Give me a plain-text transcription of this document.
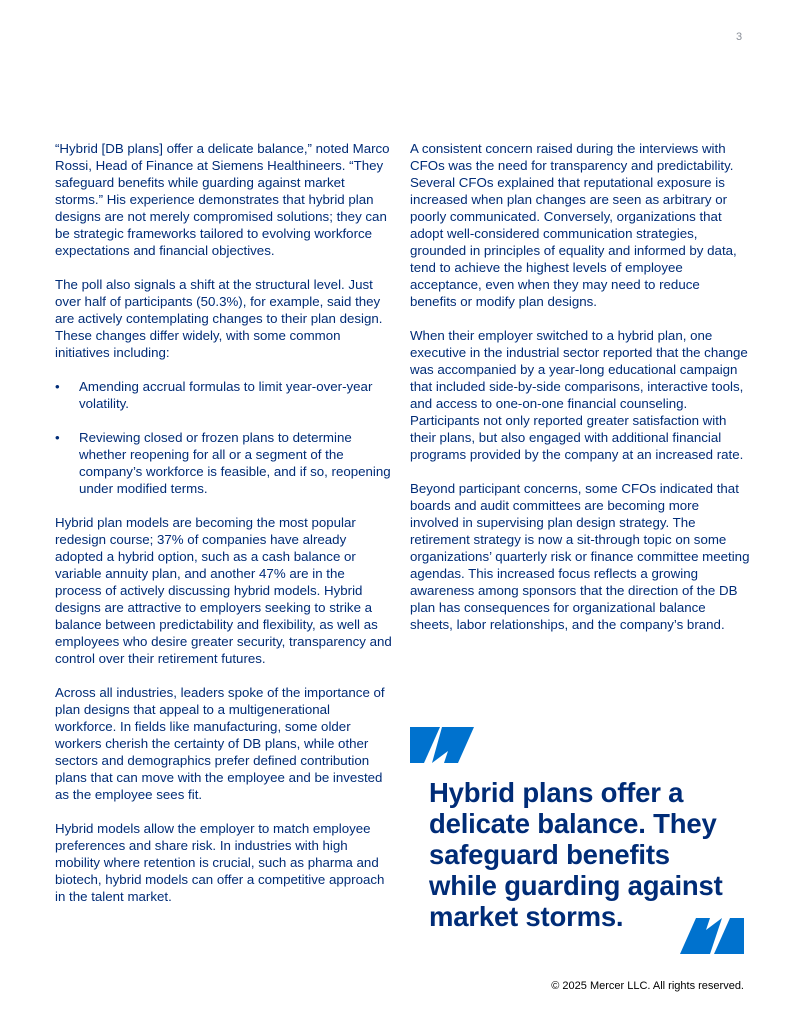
3

“Hybrid [DB plans] offer a delicate balance,” noted Marco Rossi, Head of Finance at Siemens Healthineers. “They safeguard benefits while guarding against market storms.” His experience demonstrates that hybrid plan designs are not merely compromised solutions; they can be strategic frameworks tailored to evolving workforce expectations and financial objectives.

The poll also signals a shift at the structural level. Just over half of participants (50.3%), for example, said they are actively contemplating changes to their plan design. These changes differ widely, with some common initiatives including:

• Amending accrual formulas to limit year-over-year volatility.
• Reviewing closed or frozen plans to determine whether reopening for all or a segment of the company’s workforce is feasible, and if so, reopening under modified terms.

Hybrid plan models are becoming the most popular redesign course; 37% of companies have already adopted a hybrid option, such as a cash balance or variable annuity plan, and another 47% are in the process of actively discussing hybrid models. Hybrid designs are attractive to employers seeking to strike a balance between predictability and flexibility, as well as employees who desire greater security, transparency and control over their retirement futures.

Across all industries, leaders spoke of the importance of plan designs that appeal to a multigenerational workforce. In fields like manufacturing, some older workers cherish the certainty of DB plans, while other sectors and demographics prefer defined contribution plans that can move with the employee and be invested as the employee sees fit.

Hybrid models allow the employer to match employee preferences and share risk. In industries with high mobility where retention is crucial, such as pharma and biotech, hybrid models can offer a competitive approach in the talent market.

A consistent concern raised during the interviews with CFOs was the need for transparency and predictability. Several CFOs explained that reputational exposure is increased when plan changes are seen as arbitrary or poorly communicated. Conversely, organizations that adopt well-considered communication strategies, grounded in principles of equality and informed by data, tend to achieve the highest levels of employee acceptance, even when they may need to reduce benefits or modify plan designs.

When their employer switched to a hybrid plan, one executive in the industrial sector reported that the change was accompanied by a year-long educational campaign that included side-by-side comparisons, interactive tools, and access to one-on-one financial counseling. Participants not only reported greater satisfaction with their plans, but also engaged with additional financial programs provided by the company at an increased rate.

Beyond participant concerns, some CFOs indicated that boards and audit committees are becoming more involved in supervising plan design strategy. The retirement strategy is now a sit-through topic on some organizations’ quarterly risk or finance committee meeting agendas. This increased focus reflects a growing awareness among sponsors that the direction of the DB plan has consequences for organizational balance sheets, labor relationships, and the company’s brand.

Hybrid plans offer a delicate balance. They safeguard benefits while guarding against market storms.

© 2025 Mercer LLC. All rights reserved.
